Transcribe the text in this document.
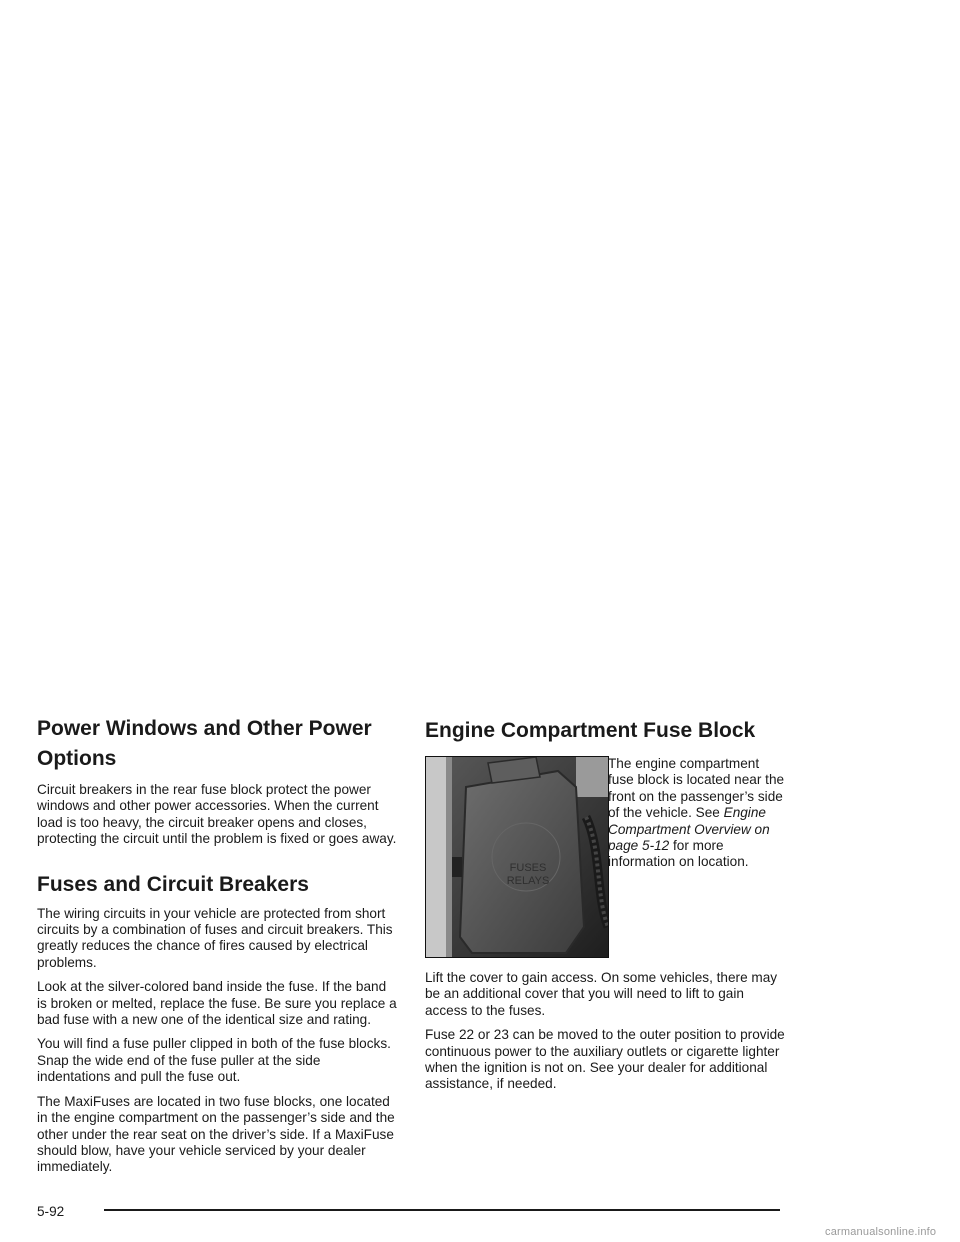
Power Windows and Other Power Options

Circuit breakers in the rear fuse block protect the power windows and other power accessories. When the current load is too heavy, the circuit breaker opens and closes, protecting the circuit until the problem is fixed or goes away.

Fuses and Circuit Breakers

The wiring circuits in your vehicle are protected from short circuits by a combination of fuses and circuit breakers. This greatly reduces the chance of fires caused by electrical problems.

Look at the silver-colored band inside the fuse. If the band is broken or melted, replace the fuse. Be sure you replace a bad fuse with a new one of the identical size and rating.

You will find a fuse puller clipped in both of the fuse blocks. Snap the wide end of the fuse puller at the side indentations and pull the fuse out.

The MaxiFuses are located in two fuse blocks, one located in the engine compartment on the passenger’s side and the other under the rear seat on the driver’s side. If a MaxiFuse should blow, have your vehicle serviced by your dealer immediately.

Engine Compartment Fuse Block
FUSES
RELAYS
The engine compartment fuse block is located near the front on the passenger’s side of the vehicle. See Engine Compartment Overview on page 5-12 for more information on location.

Lift the cover to gain access. On some vehicles, there may be an additional cover that you will need to lift to gain access to the fuses.

Fuse 22 or 23 can be moved to the outer position to provide continuous power to the auxiliary outlets or cigarette lighter when the ignition is not on. See your dealer for additional assistance, if needed.

5-92
carmanualsonline.info
